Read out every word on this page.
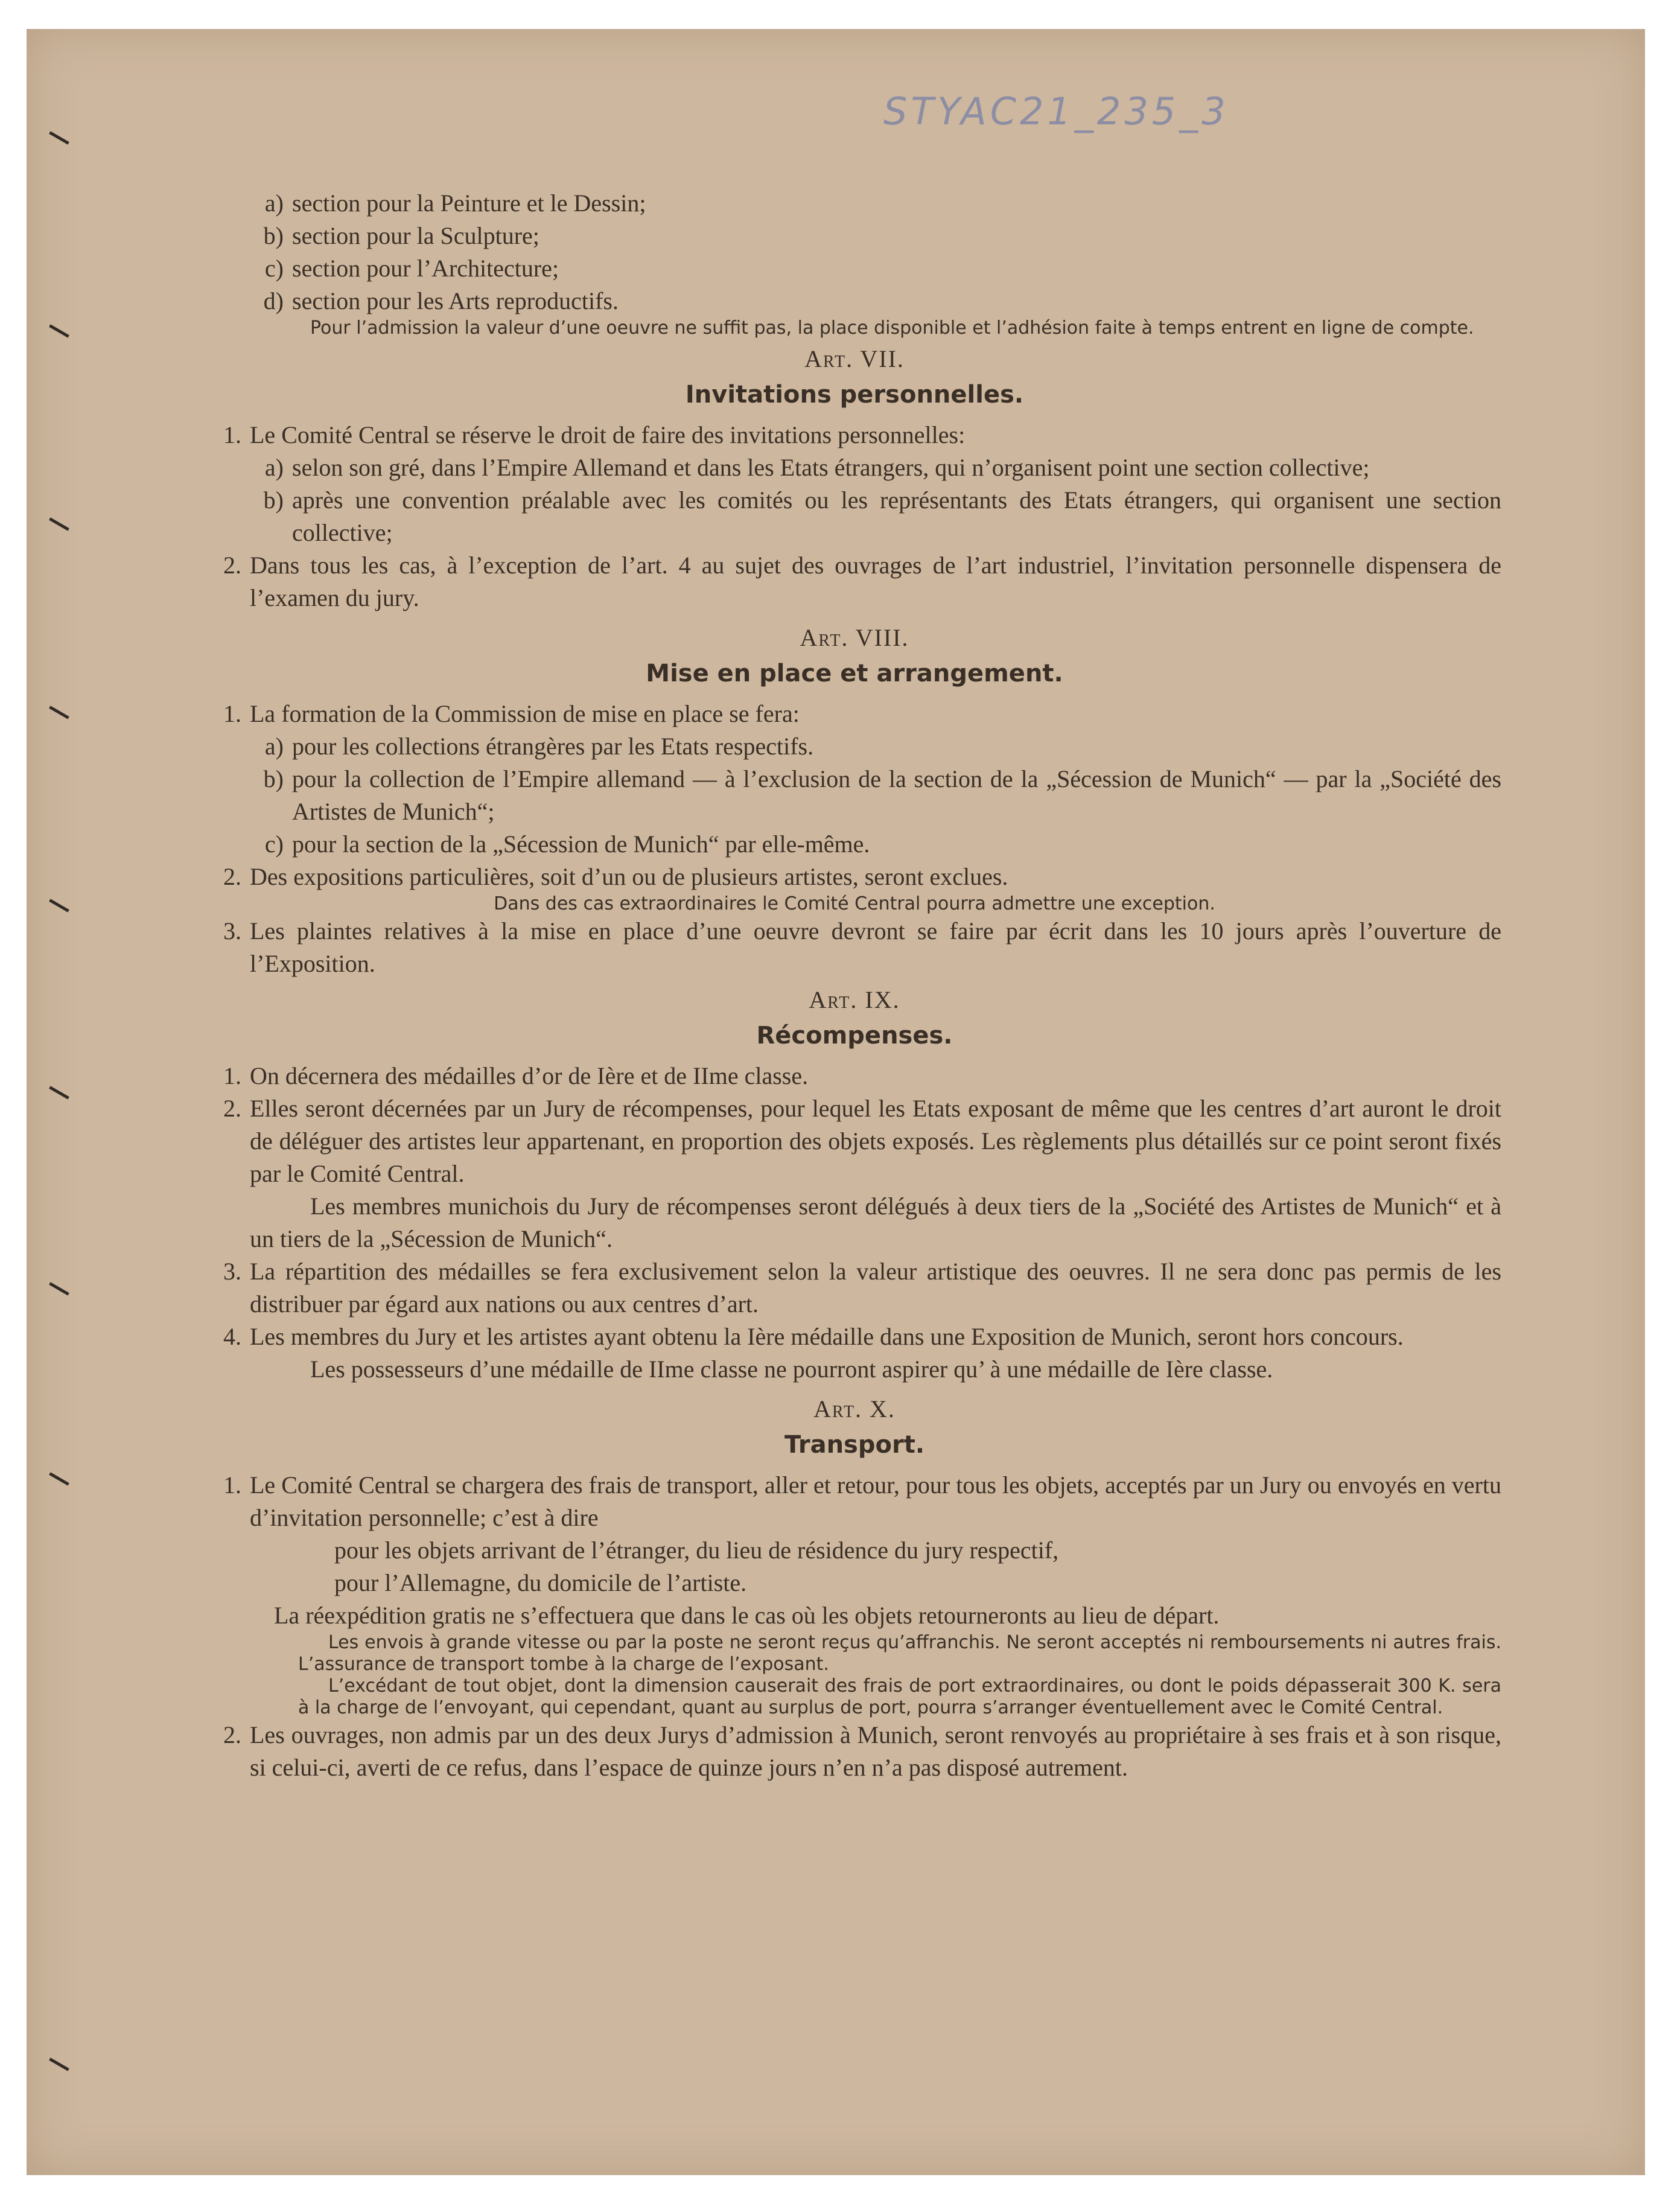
STYAC21_235_3
a) section pour la Peinture et le Dessin;
b) section pour la Sculpture;
c) section pour l’Architecture;
d) section pour les Arts reproductifs.
Pour l’admission la valeur d’une oeuvre ne suffit pas, la place disponible et l’adhésion faite à temps entrent en ligne de compte.
Art. VII.
Invitations personnelles.
1. Le Comité Central se réserve le droit de faire des invitations personnelles:
a) selon son gré, dans l’Empire Allemand et dans les Etats étrangers, qui n’organisent point une section collective;
b) après une convention préalable avec les comités ou les représentants des Etats étrangers, qui organisent une section collective;
2. Dans tous les cas, à l’exception de l’art. 4 au sujet des ouvrages de l’art industriel, l’invitation personnelle dispensera de l’examen du jury.
Art. VIII.
Mise en place et arrangement.
1. La formation de la Commission de mise en place se fera:
a) pour les collections étrangères par les Etats respectifs.
b) pour la collection de l’Empire allemand — à l’exclusion de la section de la „Sécession de Munich“ — par la „Société des Artistes de Munich“;
c) pour la section de la „Sécession de Munich“ par elle-même.
2. Des expositions particulières, soit d’un ou de plusieurs artistes, seront exclues.
Dans des cas extraordinaires le Comité Central pourra admettre une exception.
3. Les plaintes relatives à la mise en place d’une oeuvre devront se faire par écrit dans les 10 jours après l’ouverture de l’Exposition.
Art. IX.
Récompenses.
1. On décernera des médailles d’or de Ière et de IIme classe.
2. Elles seront décernées par un Jury de récompenses, pour lequel les Etats exposant de même que les centres d’art auront le droit de déléguer des artistes leur appartenant, en proportion des objets exposés. Les règlements plus détaillés sur ce point seront fixés par le Comité Central.
Les membres munichois du Jury de récompenses seront délégués à deux tiers de la „Société des Artistes de Munich“ et à un tiers de la „Sécession de Munich“.
3. La répartition des médailles se fera exclusivement selon la valeur artistique des oeuvres. Il ne sera donc pas permis de les distribuer par égard aux nations ou aux centres d’art.
4. Les membres du Jury et les artistes ayant obtenu la Ière médaille dans une Exposition de Munich, seront hors concours.
Les possesseurs d’une médaille de IIme classe ne pourront aspirer qu’ à une médaille de Ière classe.
Art. X.
Transport.
1. Le Comité Central se chargera des frais de transport, aller et retour, pour tous les objets, acceptés par un Jury ou envoyés en vertu d’invitation personnelle; c’est à dire
pour les objets arrivant de l’étranger, du lieu de résidence du jury respectif,
pour l’Allemagne, du domicile de l’artiste.
La réexpédition gratis ne s’effectuera que dans le cas où les objets retourneronts au lieu de départ.
Les envois à grande vitesse ou par la poste ne seront reçus qu’affranchis. Ne seront acceptés ni remboursements ni autres frais. L’assurance de transport tombe à la charge de l’exposant.
L’excédant de tout objet, dont la dimension causerait des frais de port extraordinaires, ou dont le poids dépasserait 300 K. sera à la charge de l’envoyant, qui cependant, quant au surplus de port, pourra s’arranger éventuellement avec le Comité Central.
2. Les ouvrages, non admis par un des deux Jurys d’admission à Munich, seront renvoyés au propriétaire à ses frais et à son risque, si celui-ci, averti de ce refus, dans l’espace de quinze jours n’en n’a pas disposé autrement.
